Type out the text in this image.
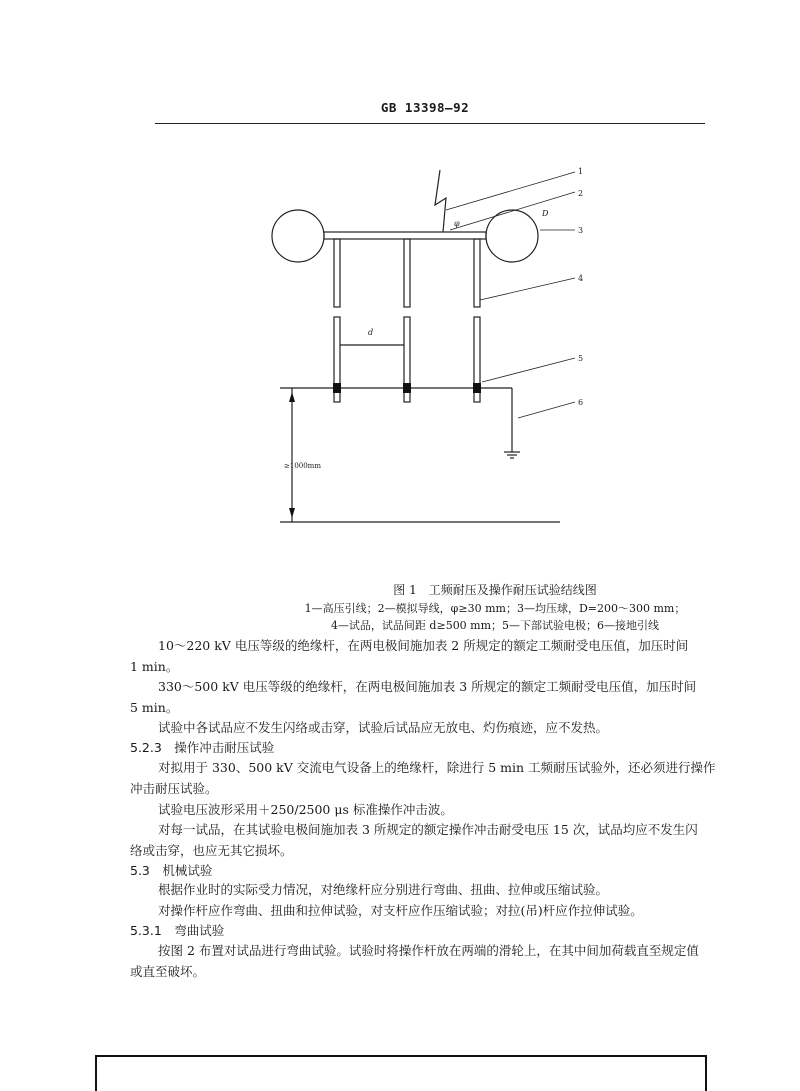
GB 13398—92
1
2
3
4
5
6
d
D
φ
≥1000mm
图 1　工频耐压及操作耐压试验结线图
1—高压引线；2—模拟导线，φ≥30 mm；3—均压球，D=200～300 mm；
4—试品，试品间距 d≥500 mm；5—下部试验电极；6—接地引线
10～220 kV 电压等级的绝缘杆，在两电极间施加表 2 所规定的额定工频耐受电压值，加压时间
1 min。
330～500 kV 电压等级的绝缘杆，在两电极间施加表 3 所规定的额定工频耐受电压值，加压时间
5 min。
试验中各试品应不发生闪络或击穿，试验后试品应无放电、灼伤痕迹，应不发热。
5.2.3　操作冲击耐压试验
对拟用于 330、500 kV 交流电气设备上的绝缘杆，除进行 5 min 工频耐压试验外，还必须进行操作
冲击耐压试验。
试验电压波形采用＋250/2500 μs 标准操作冲击波。
对每一试品，在其试验电极间施加表 3 所规定的额定操作冲击耐受电压 15 次，试品均应不发生闪
络或击穿，也应无其它损坏。
5.3　机械试验
根据作业时的实际受力情况，对绝缘杆应分别进行弯曲、扭曲、拉伸或压缩试验。
对操作杆应作弯曲、扭曲和拉伸试验，对支杆应作压缩试验；对拉(吊)杆应作拉伸试验。
5.3.1　弯曲试验
按图 2 布置对试品进行弯曲试验。试验时将操作杆放在两端的滑轮上，在其中间加荷载直至规定值
或直至破坏。
